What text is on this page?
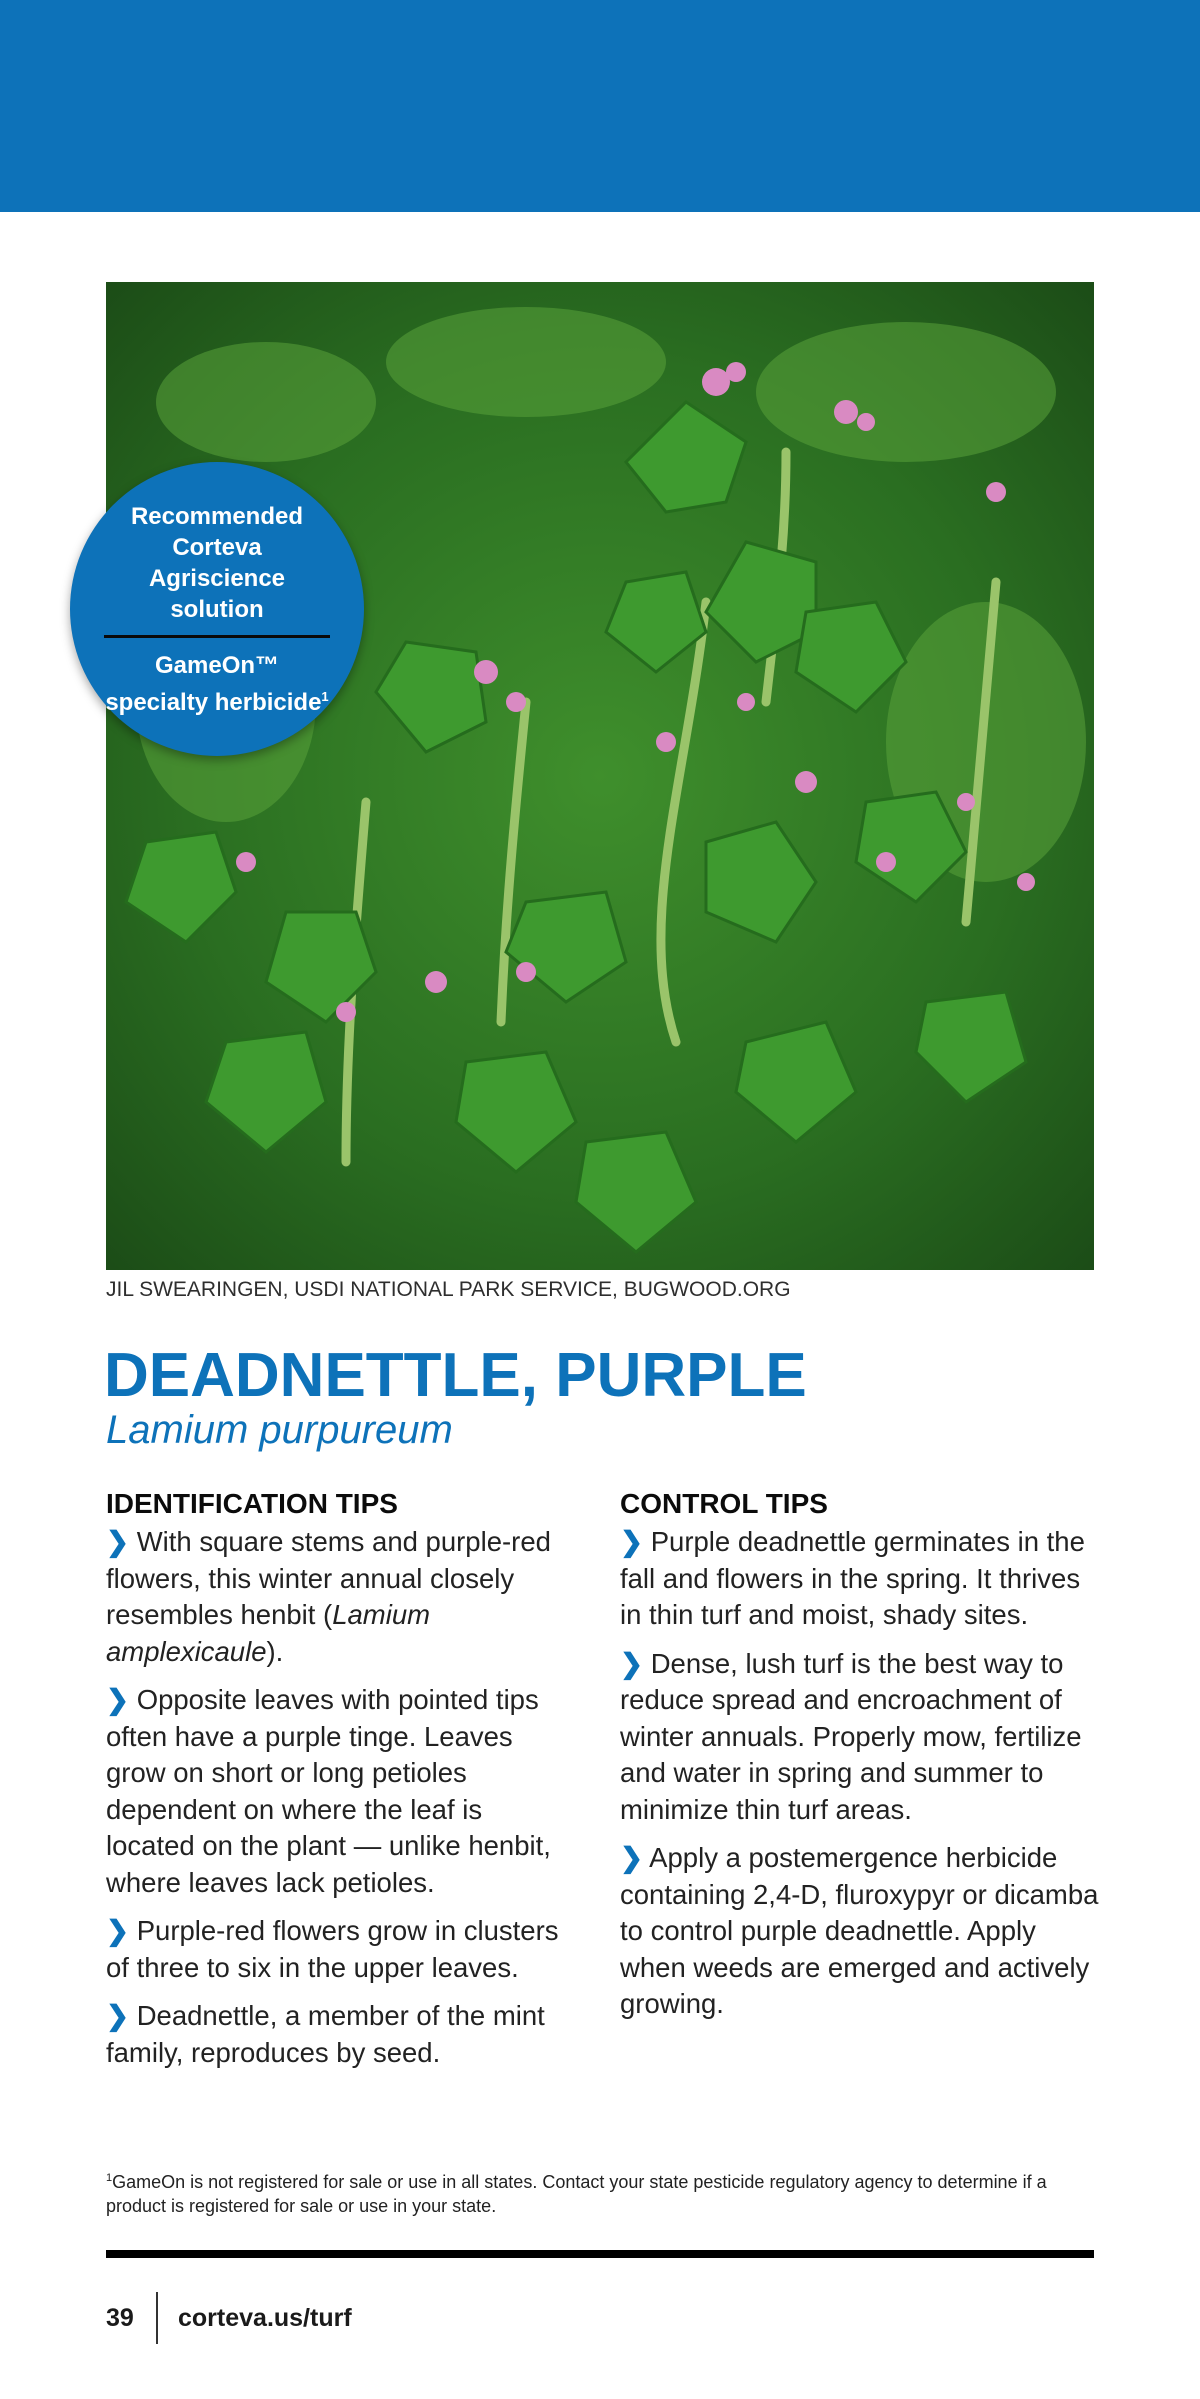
Recommended Corteva Agriscience solution
GameOn™ specialty herbicide$^1$
JIL SWEARINGEN, USDI NATIONAL PARK SERVICE, BUGWOOD.ORG
DEADNETTLE, PURPLE
Lamium purpureum
IDENTIFICATION TIPS

❯ With square stems and purple-red flowers, this winter annual closely resembles henbit (Lamium amplexicaule).

❯ Opposite leaves with pointed tips often have a purple tinge. Leaves grow on short or long petioles dependent on where the leaf is located on the plant — unlike henbit, where leaves lack petioles.

❯ Purple-red flowers grow in clusters of three to six in the upper leaves.

❯ Deadnettle, a member of the mint family, reproduces by seed.

CONTROL TIPS

❯ Purple deadnettle germinates in the fall and flowers in the spring. It thrives in thin turf and moist, shady sites.

❯ Dense, lush turf is the best way to reduce spread and encroachment of winter annuals. Properly mow, fertilize and water in spring and summer to minimize thin turf areas.

❯ Apply a postemergence herbicide containing 2,4-D, fluroxypyr or dicamba to control purple deadnettle. Apply when weeds are emerged and actively growing.

$^1$GameOn is not registered for sale or use in all states. Contact your state pesticide regulatory agency to determine if a product is registered for sale or use in your state.
39 corteva.us/turf
